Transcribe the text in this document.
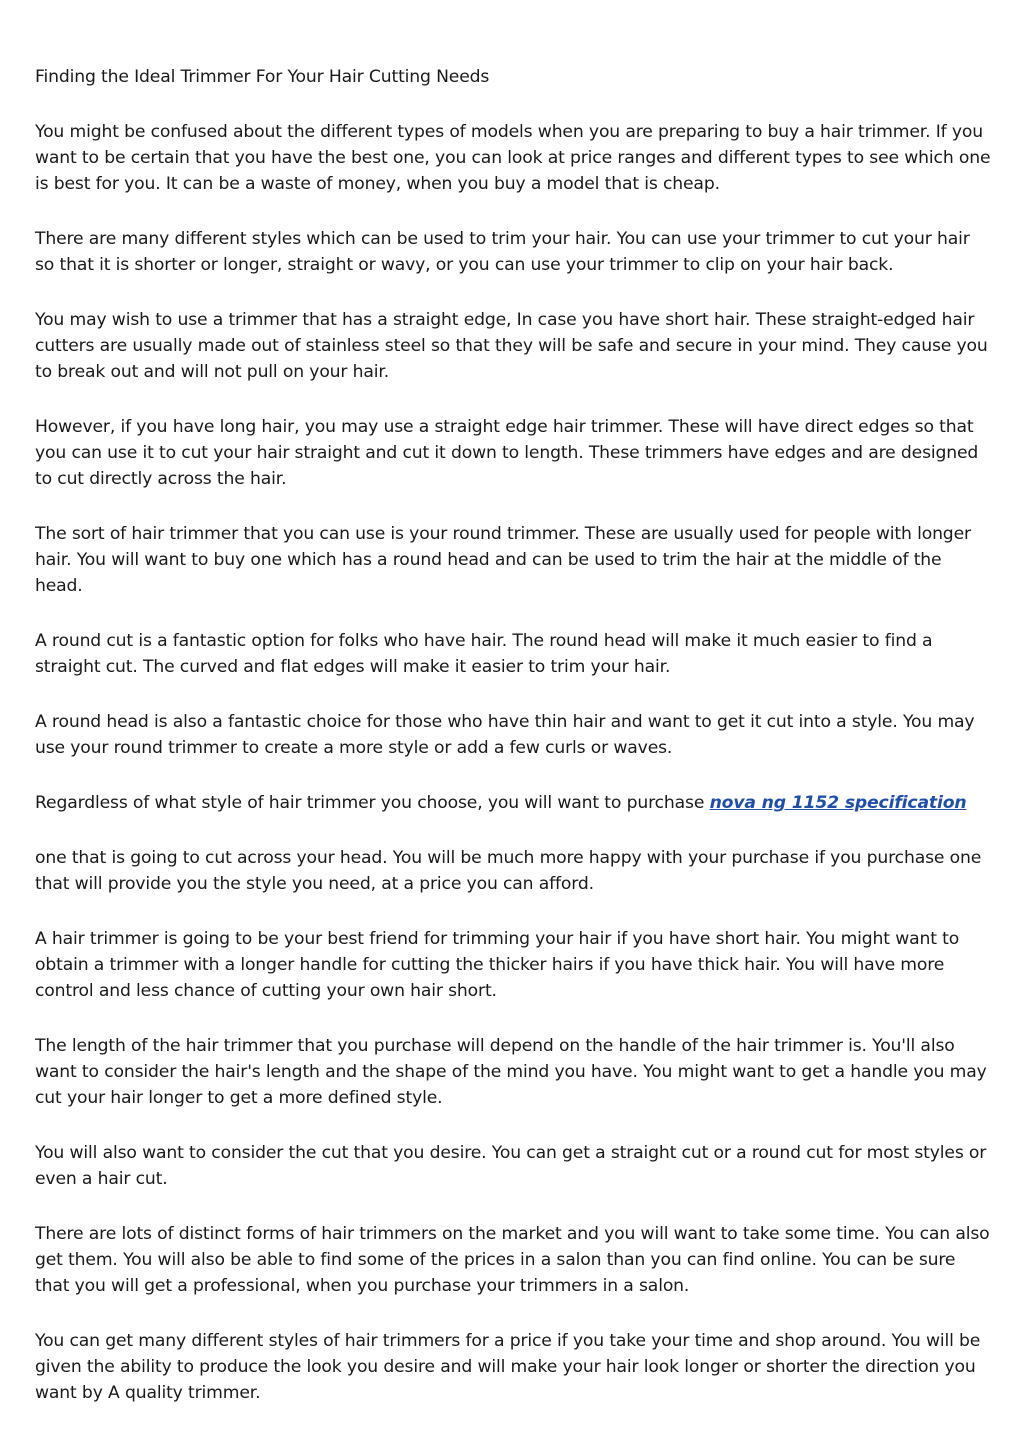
Finding the Ideal Trimmer For Your Hair Cutting Needs

You might be confused about the different types of models when you are preparing to buy a hair trimmer. If you want to be certain that you have the best one, you can look at price ranges and different types to see which one is best for you. It can be a waste of money, when you buy a model that is cheap.

There are many different styles which can be used to trim your hair. You can use your trimmer to cut your hair so that it is shorter or longer, straight or wavy, or you can use your trimmer to clip on your hair back.

You may wish to use a trimmer that has a straight edge, In case you have short hair. These straight-edged hair cutters are usually made out of stainless steel so that they will be safe and secure in your mind. They cause you to break out and will not pull on your hair.

However, if you have long hair, you may use a straight edge hair trimmer. These will have direct edges so that you can use it to cut your hair straight and cut it down to length. These trimmers have edges and are designed to cut directly across the hair.

The sort of hair trimmer that you can use is your round trimmer. These are usually used for people with longer hair. You will want to buy one which has a round head and can be used to trim the hair at the middle of the head.

A round cut is a fantastic option for folks who have hair. The round head will make it much easier to find a straight cut. The curved and flat edges will make it easier to trim your hair.

A round head is also a fantastic choice for those who have thin hair and want to get it cut into a style. You may use your round trimmer to create a more style or add a few curls or waves.

Regardless of what style of hair trimmer you choose, you will want to purchase nova ng 1152 specification

one that is going to cut across your head. You will be much more happy with your purchase if you purchase one that will provide you the style you need, at a price you can afford.

A hair trimmer is going to be your best friend for trimming your hair if you have short hair. You might want to obtain a trimmer with a longer handle for cutting the thicker hairs if you have thick hair. You will have more control and less chance of cutting your own hair short.

The length of the hair trimmer that you purchase will depend on the handle of the hair trimmer is. You'll also want to consider the hair's length and the shape of the mind you have. You might want to get a handle you may cut your hair longer to get a more defined style.

You will also want to consider the cut that you desire. You can get a straight cut or a round cut for most styles or even a hair cut.

There are lots of distinct forms of hair trimmers on the market and you will want to take some time. You can also get them. You will also be able to find some of the prices in a salon than you can find online. You can be sure that you will get a professional, when you purchase your trimmers in a salon.

You can get many different styles of hair trimmers for a price if you take your time and shop around. You will be given the ability to produce the look you desire and will make your hair look longer or shorter the direction you want by A quality trimmer.
